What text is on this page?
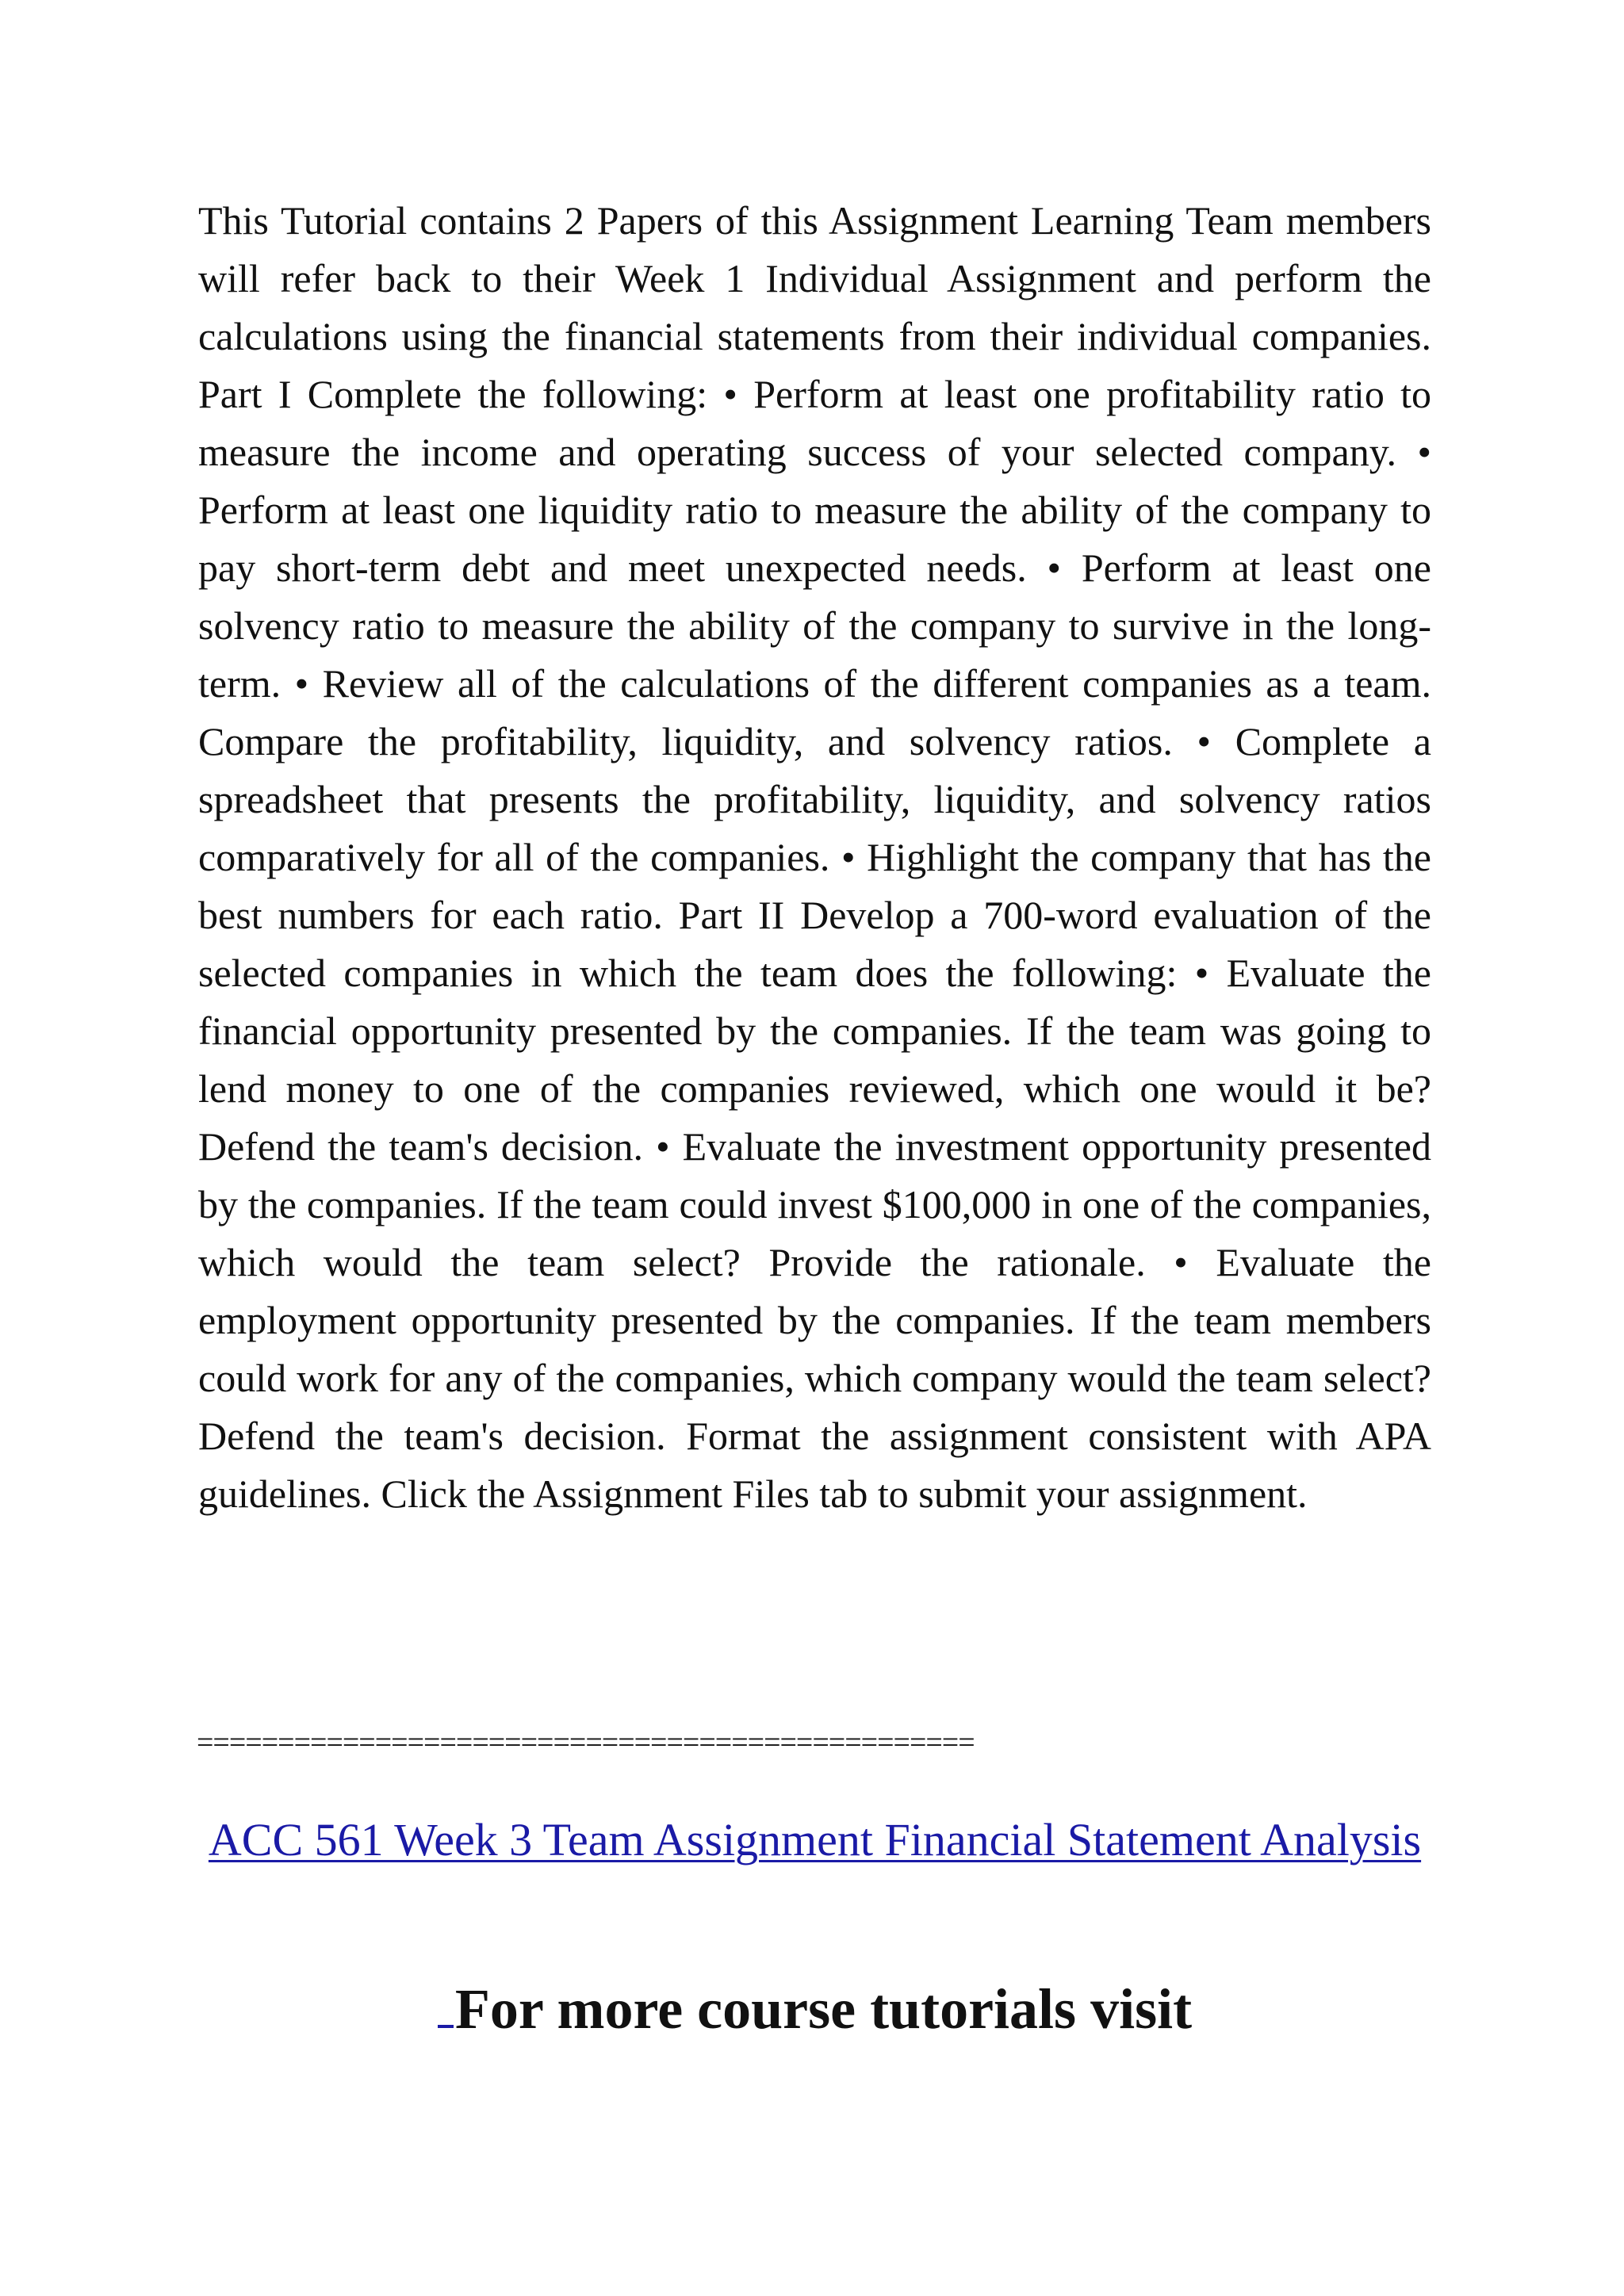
This Tutorial contains 2 Papers of this Assignment Learning Team members will refer back to their Week 1 Individual Assignment and perform the calculations using the financial statements from their individual companies. Part I Complete the following: • Perform at least one profitability ratio to measure the income and operating success of your selected company. • Perform at least one liquidity ratio to measure the ability of the company to pay short-term debt and meet unexpected needs. • Perform at least one solvency ratio to measure the ability of the company to survive in the long-term. • Review all of the calculations of the different companies as a team. Compare the profitability, liquidity, and solvency ratios. • Complete a spreadsheet that presents the profitability, liquidity, and solvency ratios comparatively for all of the companies. • Highlight the company that has the best numbers for each ratio. Part II Develop a 700-word evaluation of the selected companies in which the team does the following: • Evaluate the financial opportunity presented by the companies. If the team was going to lend money to one of the companies reviewed, which one would it be? Defend the team's decision. • Evaluate the investment opportunity presented by the companies. If the team could invest $100,000 in one of the companies, which would the team select? Provide the rationale. • Evaluate the employment opportunity presented by the companies. If the team members could work for any of the companies, which company would the team select? Defend the team's decision. Format the assignment consistent with APA guidelines. Click the Assignment Files tab to submit your assignment.

================================================
ACC 561 Week 3 Team Assignment Financial Statement Analysis

For more course tutorials visit
